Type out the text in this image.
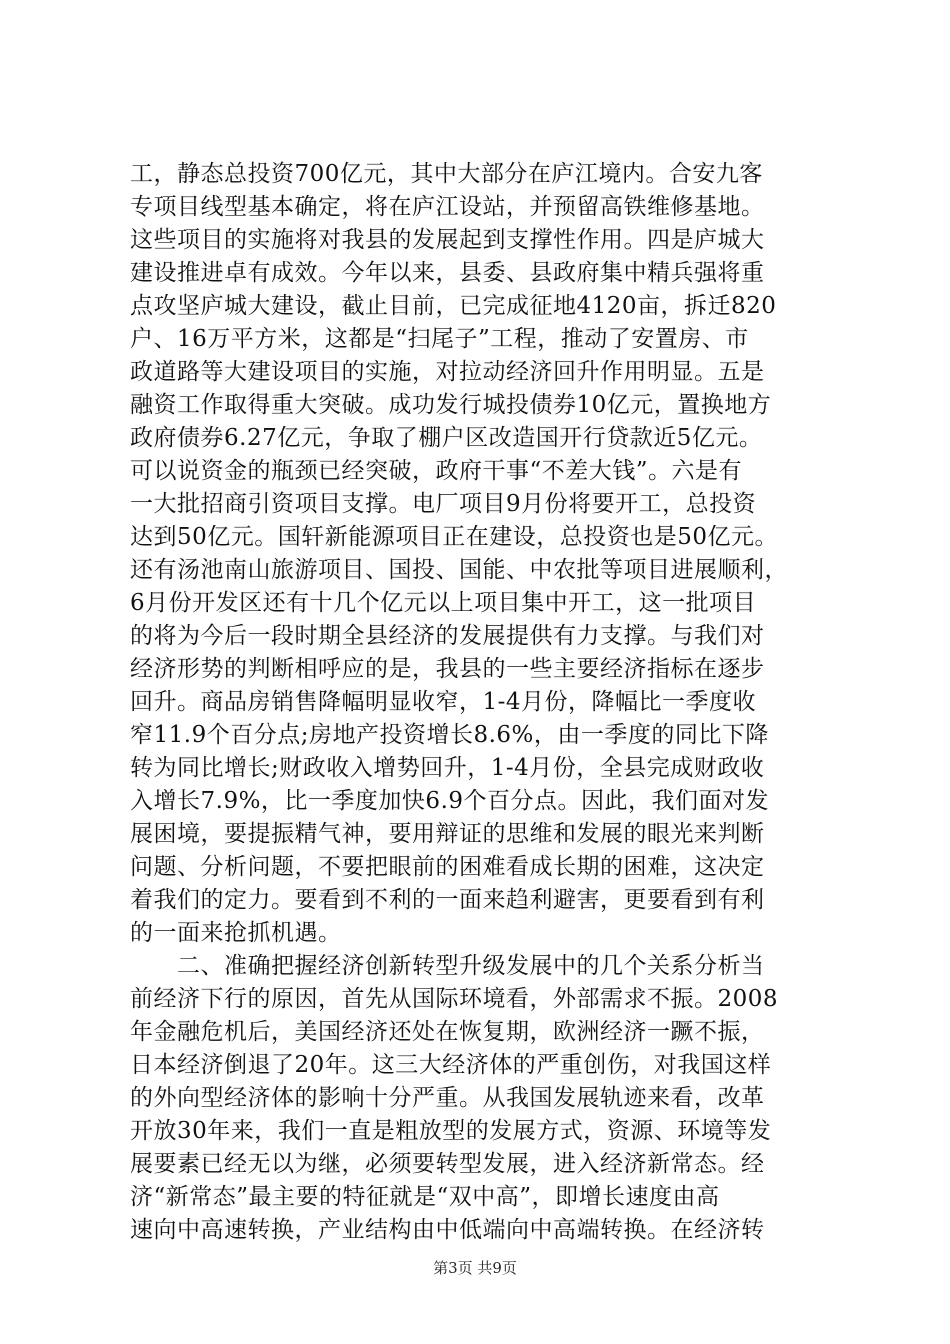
工，静态总投资700亿元，其中大部分在庐江境内。合安九客
专项目线型基本确定，将在庐江设站，并预留高铁维修基地。
这些项目的实施将对我县的发展起到支撑性作用。四是庐城大
建设推进卓有成效。今年以来，县委、县政府集中精兵强将重
点攻坚庐城大建设，截止目前，已完成征地4120亩，拆迁820
户、16万平方米，这都是“扫尾子”工程，推动了安置房、市
政道路等大建设项目的实施，对拉动经济回升作用明显。五是
融资工作取得重大突破。成功发行城投债券10亿元，置换地方
政府债券6.27亿元，争取了棚户区改造国开行贷款近5亿元。
可以说资金的瓶颈已经突破，政府干事“不差大钱”。六是有
一大批招商引资项目支撑。电厂项目9月份将要开工，总投资
达到50亿元。国轩新能源项目正在建设，总投资也是50亿元。
还有汤池南山旅游项目、国投、国能、中农批等项目进展顺利，
6月份开发区还有十几个亿元以上项目集中开工，这一批项目
的将为今后一段时期全县经济的发展提供有力支撑。与我们对
经济形势的判断相呼应的是，我县的一些主要经济指标在逐步
回升。商品房销售降幅明显收窄，1-4月份，降幅比一季度收
窄11.9个百分点;房地产投资增长8.6%，由一季度的同比下降
转为同比增长;财政收入增势回升，1-4月份，全县完成财政收
入增长7.9%，比一季度加快6.9个百分点。因此，我们面对发
展困境，要提振精气神，要用辩证的思维和发展的眼光来判断
问题、分析问题，不要把眼前的困难看成长期的困难，这决定
着我们的定力。要看到不利的一面来趋利避害，更要看到有利
的一面来抢抓机遇。
　　二、准确把握经济创新转型升级发展中的几个关系分析当
前经济下行的原因，首先从国际环境看，外部需求不振。2008
年金融危机后，美国经济还处在恢复期，欧洲经济一蹶不振，
日本经济倒退了20年。这三大经济体的严重创伤，对我国这样
的外向型经济体的影响十分严重。从我国发展轨迹来看，改革
开放30年来，我们一直是粗放型的发展方式，资源、环境等发
展要素已经无以为继，必须要转型发展，进入经济新常态。经
济“新常态”最主要的特征就是“双中高”，即增长速度由高
速向中高速转换，产业结构由中低端向中高端转换。在经济转
第3页 共9页
